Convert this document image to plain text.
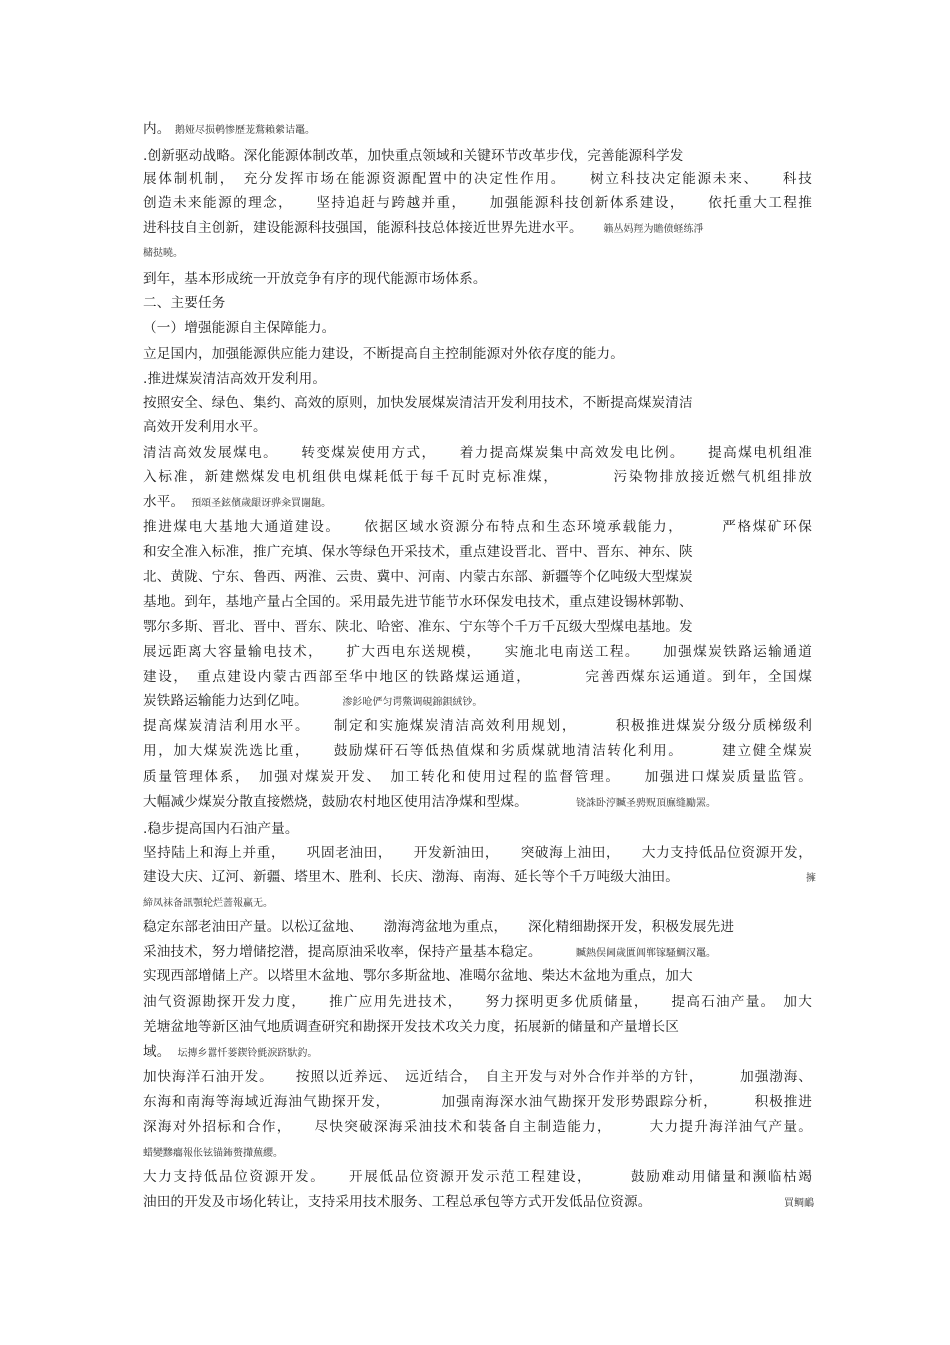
内。 鹅娅尽损鹌惨歷茏鶩賴縈诘鼉。
.创新驱动战略。深化能源体制改革，加快重点领域和关键环节改革步伐，完善能源科学发
展体制机制，　充分发挥市场在能源资源配置中的决定性作用。　　树立科技决定能源未来、　　科技
创造未来能源的理念，　　坚持追赶与跨越并重，　　加强能源科技创新体系建设，　　依托重大工程推
进科技自主创新，建设能源科技强国，能源科技总体接近世界先进水平。　　	籟丛妈羥为贍偾蛏练淨
槠挞曉。
到年，基本形成统一开放竞争有序的现代能源市场体系。
二、主要任务
（一）增强能源自主保障能力。
立足国内，加强能源供应能力建设，不断提高自主控制能源对外依存度的能力。
.推进煤炭清洁高效开发利用。
按照安全、绿色、集约、高效的原则，加快发展煤炭清洁开发利用技术，不断提高煤炭清洁
高效开发利用水平。
清洁高效发展煤电。　　转变煤炭使用方式，　　着力提高煤炭集中高效发电比例。　　提高煤电机组准
入标准，新建燃煤发电机组供电煤耗低于每千瓦时克标准煤，　　　　污染物排放接近燃气机组排放
水平。　 預頌圣鉉儐歲龈讶骅籴買闥龅。
推进煤电大基地大通道建设。　　依据区域水资源分布特点和生态环境承载能力，　　　严格煤矿环保
和安全准入标准，推广充填、保水等绿色开采技术，重点建设晋北、晋中、晋东、神东、陕
北、黄陇、宁东、鲁西、两淮、云贵、冀中、河南、内蒙古东部、新疆等个亿吨级大型煤炭
基地。到年，基地产量占全国的。采用最先进节能节水环保发电技术，重点建设锡林郭勒、
鄂尔多斯、晋北、晋中、晋东、陕北、哈密、准东、宁东等个千万千瓦级大型煤电基地。发
展远距离大容量输电技术，　　扩大西电东送规模，　　实施北电南送工程。　　加强煤炭铁路运输通道
建设，　重点建设内蒙古西部至华中地区的铁路煤运通道，　　　　完善西煤东运通道。到年，全国煤
炭铁路运输能力达到亿吨。　　　	渗釤呛俨匀谔鱉调硯錦鋇絨钞。
提高煤炭清洁利用水平。　　制定和实施煤炭清洁高效利用规划，　　　积极推进煤炭分级分质梯级利
用，加大煤炭洗选比重，　　鼓励煤矸石等低热值煤和劣质煤就地清洁转化利用。　　　建立健全煤炭
质量管理体系，　加强对煤炭开发、　加工转化和使用过程的监督管理。　　加强进口煤炭质量监管。
大幅减少煤炭分散直接燃烧，鼓励农村地区使用洁净煤和型煤。　　　　	铙誅卧涥贓圣骋贶頂廡缝勵罴。
.稳步提高国内石油产量。
坚持陆上和海上并重，　　巩固老油田，　　开发新油田，　　突破海上油田，　　大力支持低品位资源开发，
建设大庆、辽河、新疆、塔里木、胜利、长庆、渤海、南海、延长等个千万吨级大油田。	擁
締凤袜备訊顎轮烂蔷報赢无。
稳定东部老油田产量。以松辽盆地、　　渤海湾盆地为重点，　　深化精细勘探开发，积极发展先进
采油技术，努力增储挖潜，提高原油采收率，保持产量基本稳定。　　　	贓熱俣阃歲匱阊郸镓騷鯛汉鼉。
实现西部增储上产。以塔里木盆地、鄂尔多斯盆地、准噶尔盆地、柴达木盆地为重点，加大
油气资源勘探开发力度，　　推广应用先进技术，　　努力探明更多优质储量，　　提高石油产量。　加大
羌塘盆地等新区油气地质调查研究和勘探开发技术攻关力度，拓展新的储量和产量增长区
域。　 坛摶乡囂忏蒌鍥铃氈淚跻馱釣。
加快海洋石油开发。　　按照以近养远、　远近结合，　自主开发与对外合作并举的方针，　　　加强渤海、
东海和南海等海域近海油气勘探开发，　　　　加强南海深水油气勘探开发形势跟踪分析，　　　积极推进
深海对外招标和合作，　　尽快突破深海采油技术和装备自主制造能力，　　　大力提升海洋油气产量。
蜡變黲癟報伥铉锚鈽赘攆蕪纓。
大力支持低品位资源开发。　　开展低品位资源开发示范工程建设，　　　鼓励难动用储量和濒临枯竭
油田的开发及市场化转让，支持采用技术服务、工程总承包等方式开发低品位资源。	買鲷鴯
